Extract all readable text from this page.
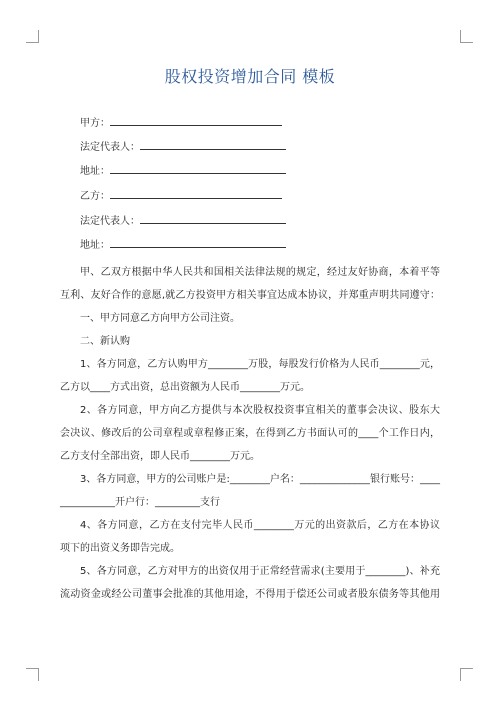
股权投资增加合同 模板
甲方：
法定代表人：
地址：
乙方：
法定代表人：
地址：

甲、乙双方根据中华人民共和国相关法律法规的规定，经过友好协商，本着平等

互利、友好合作的意愿,就乙方投资甲方相关事宜达成本协议，并郑重声明共同遵守：

一、甲方同意乙方向甲方公司注资。

二、新认购

1、各方同意，乙方认购甲方________万股，每股发行价格为人民币________元，

乙方以____方式出资，总出资额为人民币________万元。

2、各方同意，甲方向乙方提供与本次股权投资事宜相关的董事会决议、股东大

会决议、修改后的公司章程或章程修正案，在得到乙方书面认可的____个工作日内，

乙方支付全部出资，即人民币________万元。

3、各方同意，甲方的公司账户是:________户名：______________银行账号：____

___________开户行：_________支行

4、各方同意，乙方在支付完毕人民币________万元的出资款后，乙方在本协议

项下的出资义务即告完成。

5、各方同意，乙方对甲方的出资仅用于正常经营需求(主要用于________)、补充

流动资金或经公司董事会批准的其他用途，不得用于偿还公司或者股东债务等其他用
